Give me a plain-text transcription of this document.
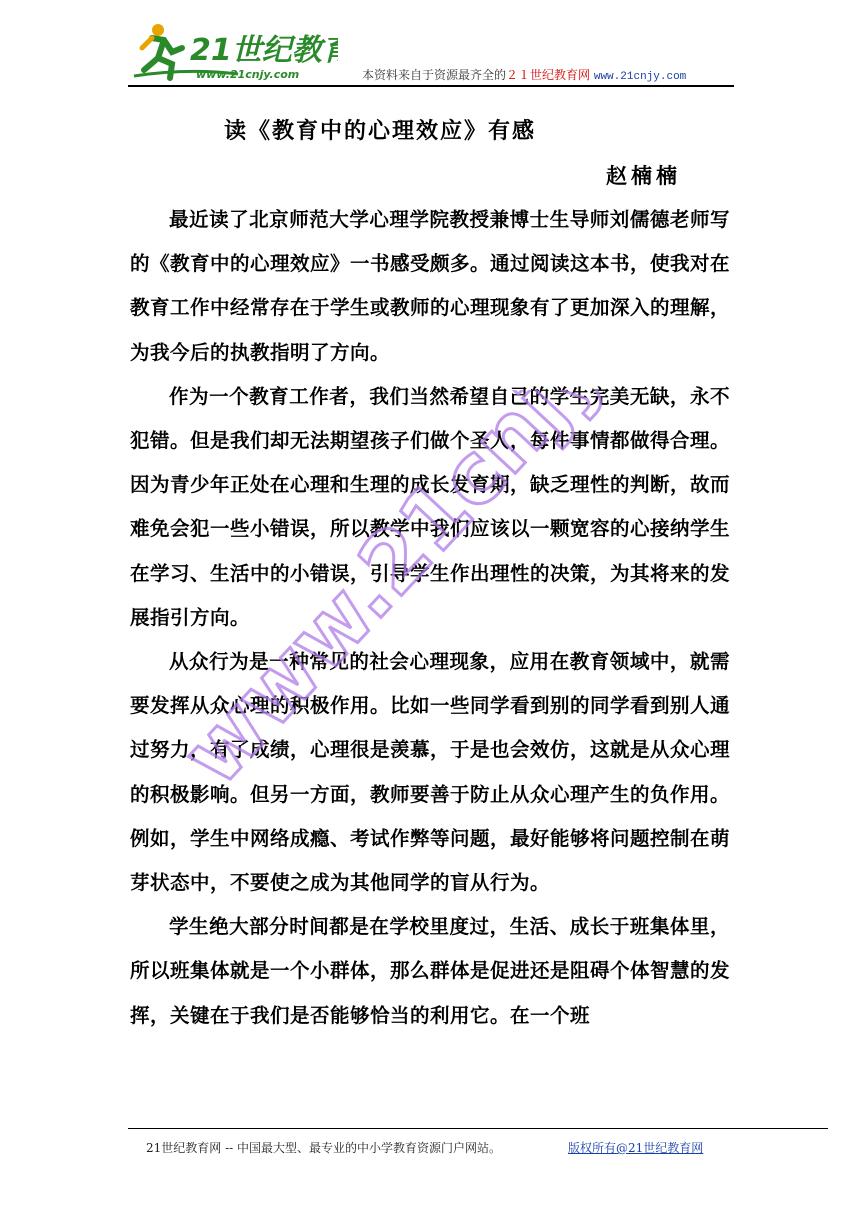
21世纪教育
www.21cnjy.com	本资料来自于资源最齐全的２１世纪教育网 www.21cnjy.com
读《教育中的心理效应》有感
赵楠楠

最近读了北京师范大学心理学院教授兼博士生导师刘儒德老师写的《教育中的心理效应》一书感受颇多。通过阅读这本书，使我对在教育工作中经常存在于学生或教师的心理现象有了更加深入的理解，为我今后的执教指明了方向。

作为一个教育工作者，我们当然希望自己的学生完美无缺，永不犯错。但是我们却无法期望孩子们做个圣人，每件事情都做得合理。因为青少年正处在心理和生理的成长发育期，缺乏理性的判断，故而难免会犯一些小错误，所以教学中我们应该以一颗宽容的心接纳学生在学习、生活中的小错误，引导学生作出理性的决策，为其将来的发展指引方向。

从众行为是一种常见的社会心理现象，应用在教育领域中，就需要发挥从众心理的积极作用。比如一些同学看到别的同学看到别人通过努力，有了成绩，心理很是羡慕，于是也会效仿，这就是从众心理的积极影响。但另一方面，教师要善于防止从众心理产生的负作用。例如，学生中网络成瘾、考试作弊等问题，最好能够将问题控制在萌芽状态中，不要使之成为其他同学的盲从行为。

学生绝大部分时间都是在学校里度过，生活、成长于班集体里，所以班集体就是一个小群体，那么群体是促进还是阻碍个体智慧的发挥，关键在于我们是否能够恰当的利用它。在一个班

www.21cnjy.com
21世纪教育网 -- 中国最大型、最专业的中小学教育资源门户网站。	版权所有@21世纪教育网
